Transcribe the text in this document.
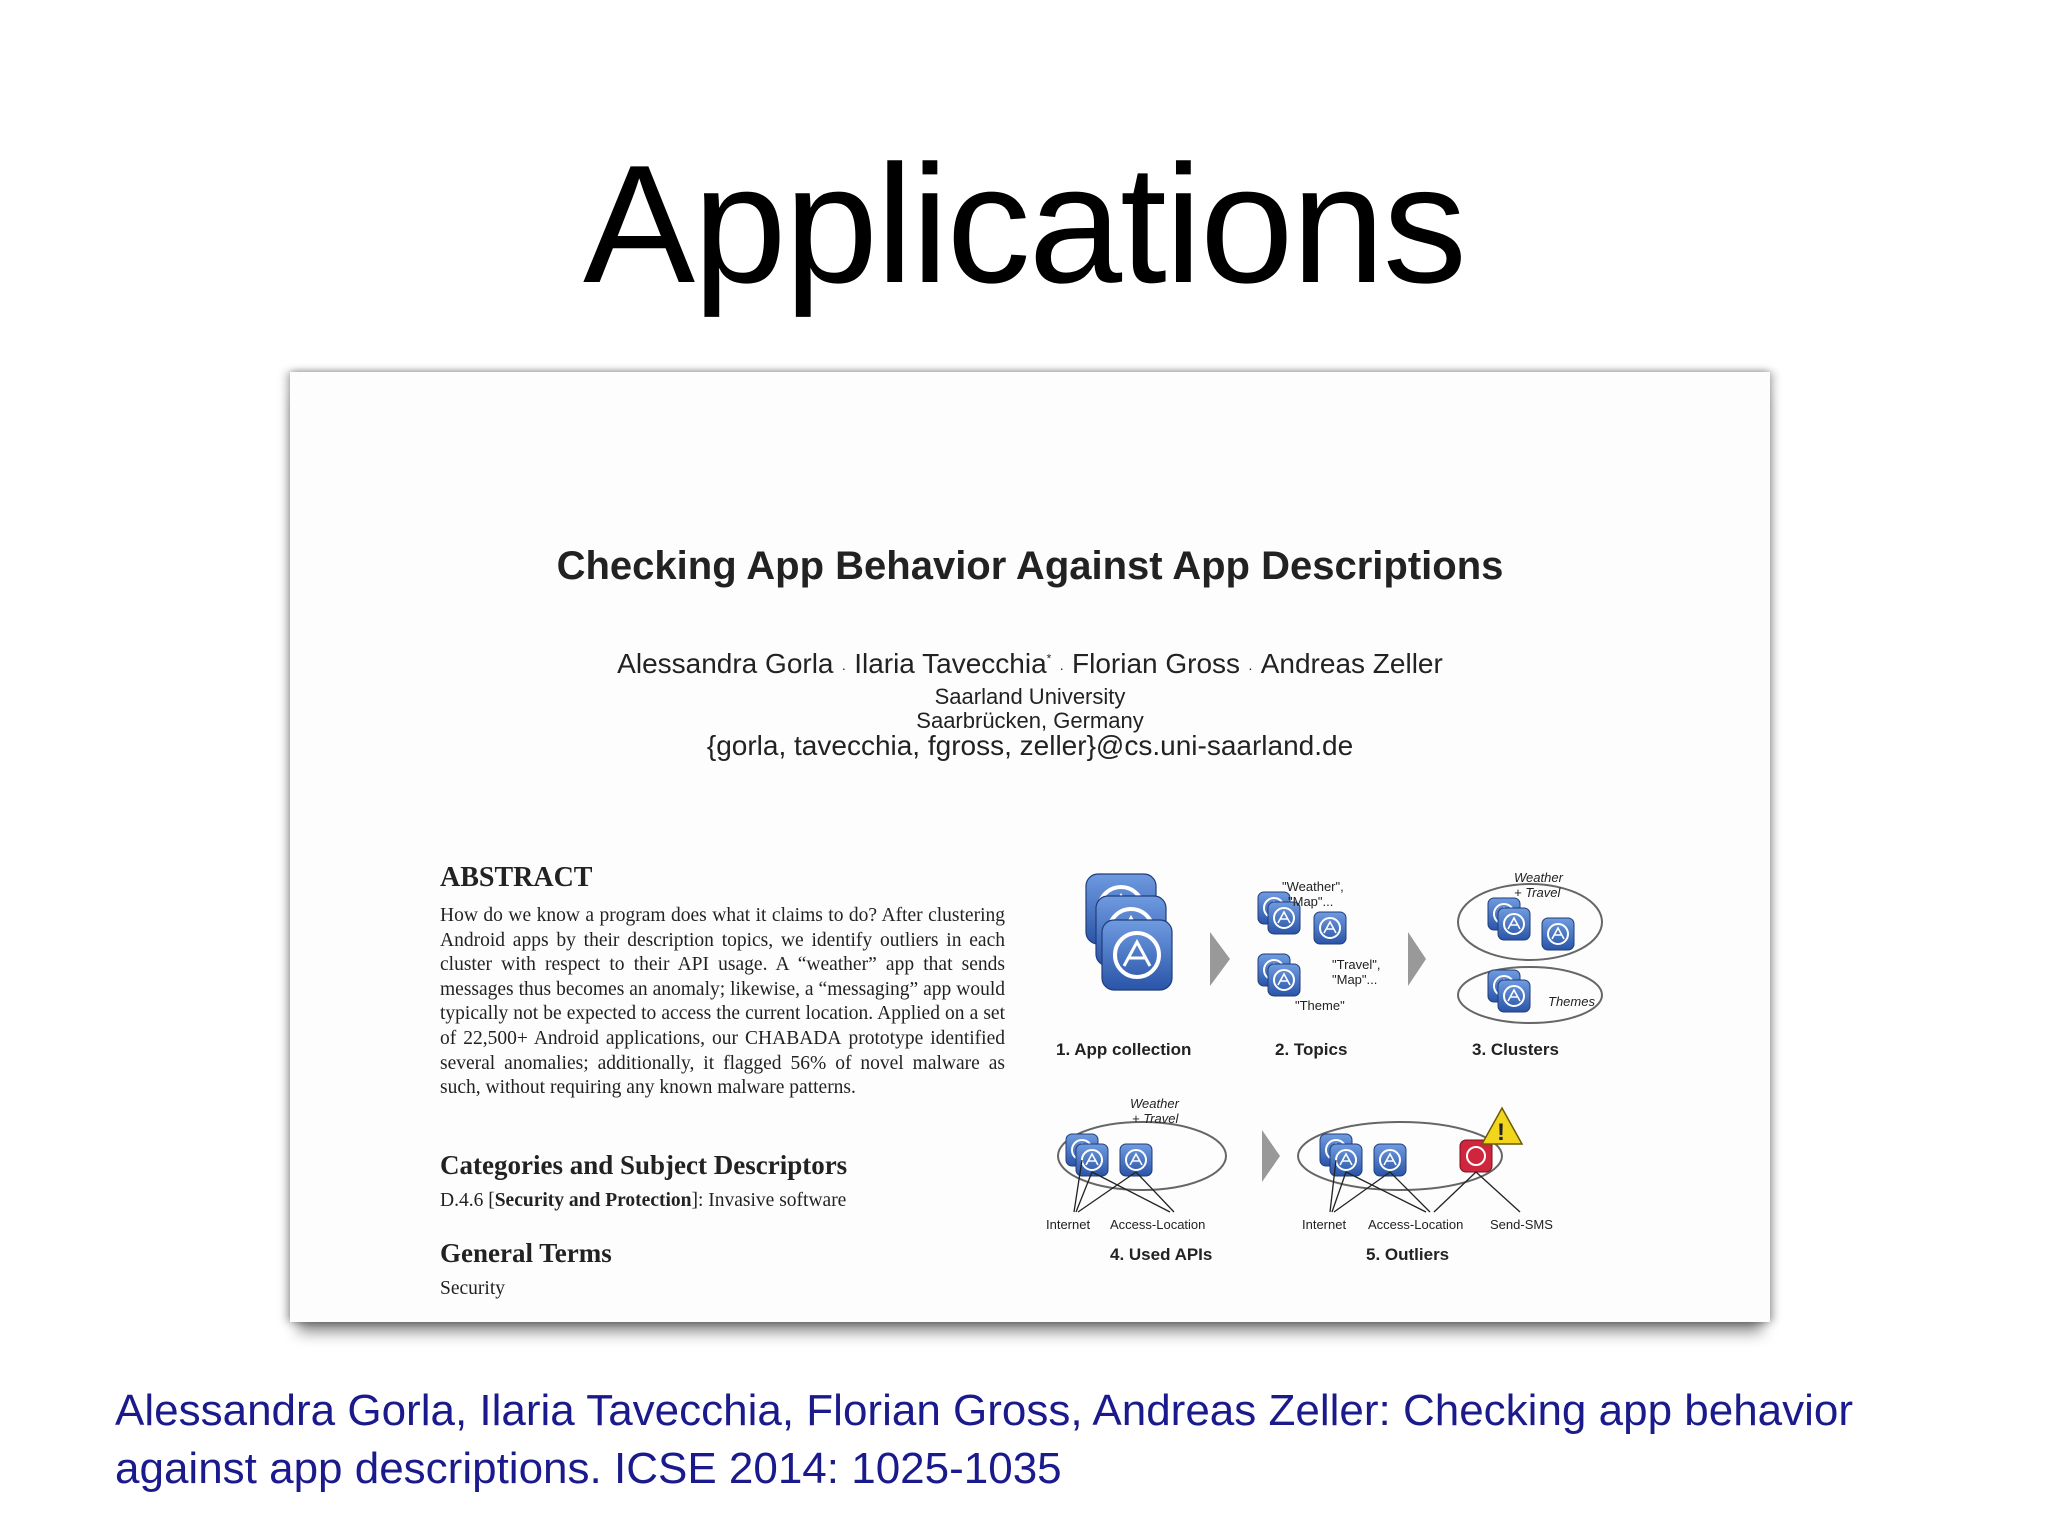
Applications
Checking App Behavior Against App Descriptions
Alessandra Gorla · Ilaria Tavecchia*· Florian Gross · Andreas Zeller
Saarland University
Saarbrücken, Germany
{gorla, tavecchia, fgross, zeller}@cs.uni-saarland.de
ABSTRACT
How do we know a program does what it claims to do? After clustering Android apps by their description topics, we identify outliers in each cluster with respect to their API usage. A “weather” app that sends messages thus becomes an anomaly; likewise, a “messaging” app would typically not be expected to access the current location. Applied on a set of 22,500+ Android applications, our CHABADA prototype identified several anomalies; additionally, it flagged 56% of novel malware as such, without requiring any known malware patterns.
Categories and Subject Descriptors
D.4.6 [Security and Protection]: Invasive software
General Terms
Security
"Weather",
"Map"...
"Travel",
"Map"...
"Theme"
Weather
+ Travel
Themes
1. App collection	2. Topics	3. Clusters
Weather
+ Travel
Internet Access-Location
!
Internet Access-Location Send-SMS
4. Used APIs	5. Outliers
Alessandra Gorla, Ilaria Tavecchia, Florian Gross, Andreas Zeller: Checking app behavior against app descriptions. ICSE 2014: 1025-1035
